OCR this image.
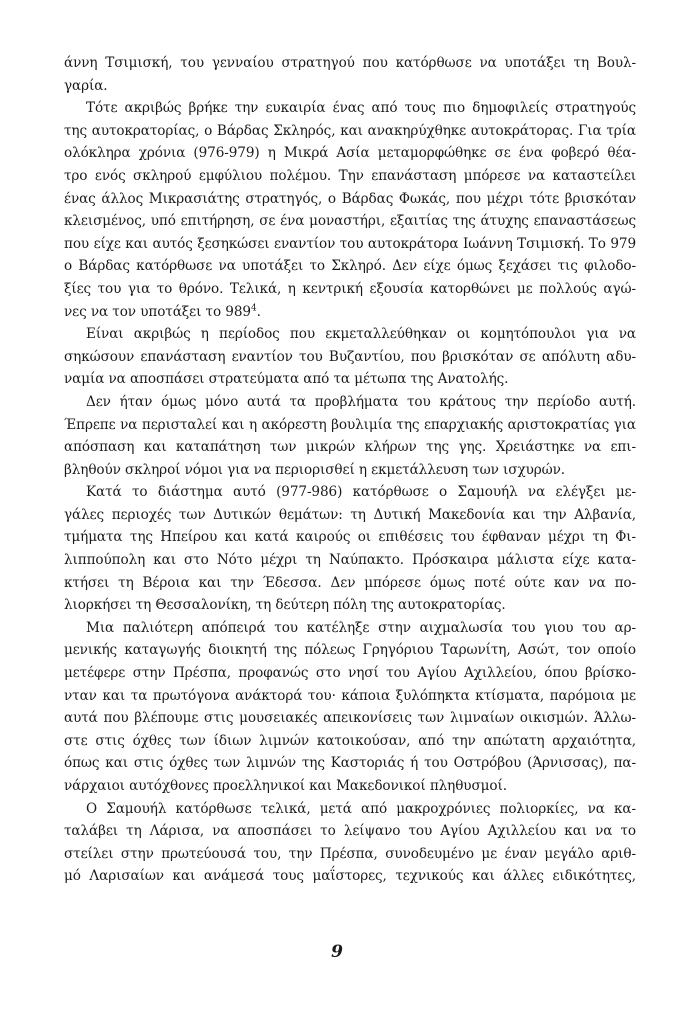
άννη Τσιμισκή, του γενναίου στρατηγού που κατόρθωσε να υποτάξει τη Βουλ-
γαρία.
Τότε ακριβώς βρήκε την ευκαιρία ένας από τους πιο δημοφιλείς στρατηγούς
της αυτοκρατορίας, ο Βάρδας Σκληρός, και ανακηρύχθηκε αυτοκράτορας. Για τρία
ολόκληρα χρόνια (976-979) η Μικρά Ασία μεταμορφώθηκε σε ένα φοβερό θέα-
τρο ενός σκληρού εμφύλιου πολέμου. Την επανάσταση μπόρεσε να καταστείλει
ένας άλλος Μικρασιάτης στρατηγός, ο Βάρδας Φωκάς, που μέχρι τότε βρισκόταν
κλεισμένος, υπό επιτήρηση, σε ένα μοναστήρι, εξαιτίας της άτυχης επαναστάσεως
που είχε και αυτός ξεσηκώσει εναντίον του αυτοκράτορα Ιωάννη Τσιμισκή. Το 979
ο Βάρδας κατόρθωσε να υποτάξει το Σκληρό. Δεν είχε όμως ξεχάσει τις φιλοδο-
ξίες του για το θρόνο. Τελικά, η κεντρική εξουσία κατορθώνει με πολλούς αγώ-
νες να τον υποτάξει το $989^4$.
Είναι ακριβώς η περίοδος που εκμεταλλεύθηκαν οι κομητόπουλοι για να
σηκώσουν επανάσταση εναντίον του Βυζαντίου, που βρισκόταν σε απόλυτη αδυ-
ναμία να αποσπάσει στρατεύματα από τα μέτωπα της Ανατολής.
Δεν ήταν όμως μόνο αυτά τα προβλήματα του κράτους την περίοδο αυτή.
Έπρεπε να περισταλεί και η ακόρεστη βουλιμία της επαρχιακής αριστοκρατίας για
απόσπαση και καταπάτηση των μικρών κλήρων της γης. Χρειάστηκε να επι-
βληθούν σκληροί νόμοι για να περιορισθεί η εκμετάλλευση των ισχυρών.
Κατά το διάστημα αυτό (977-986) κατόρθωσε ο Σαμουήλ να ελέγξει με-
γάλες περιοχές των Δυτικών θεμάτων: τη Δυτική Μακεδονία και την Αλβανία,
τμήματα της Ηπείρου και κατά καιρούς οι επιθέσεις του έφθαναν μέχρι τη Φι-
λιππούπολη και στο Νότο μέχρι τη Ναύπακτο. Πρόσκαιρα μάλιστα είχε κατα-
κτήσει τη Βέροια και την Έδεσσα. Δεν μπόρεσε όμως ποτέ ούτε καν να πο-
λιορκήσει τη Θεσσαλονίκη, τη δεύτερη πόλη της αυτοκρατορίας.
Μια παλιότερη απόπειρά του κατέληξε στην αιχμαλωσία του γιου του αρ-
μενικής καταγωγής διοικητή της πόλεως Γρηγόριου Ταρωνίτη, Ασώτ, τον οποίο
μετέφερε στην Πρέσπα, προφανώς στο νησί του Αγίου Αχιλλείου, όπου βρίσκο-
νταν και τα πρωτόγονα ανάκτορά του· κάποια ξυλόπηκτα κτίσματα, παρόμοια με
αυτά που βλέπουμε στις μουσειακές απεικονίσεις των λιμναίων οικισμών. Άλλω-
στε στις όχθες των ίδιων λιμνών κατοικούσαν, από την απώτατη αρχαιότητα,
όπως και στις όχθες των λιμνών της Καστοριάς ή του Οστρόβου (Άρνισσας), πα-
νάρχαιοι αυτόχθονες προελληνικοί και Μακεδονικοί πληθυσμοί.
Ο Σαμουήλ κατόρθωσε τελικά, μετά από μακροχρόνιες πολιορκίες, να κα-
ταλάβει τη Λάρισα, να αποσπάσει το λείψανο του Αγίου Αχιλλείου και να το
στείλει στην πρωτεύουσά του, την Πρέσπα, συνοδευμένο με έναν μεγάλο αριθ-
μό Λαρισαίων και ανάμεσά τους μαΐστορες, τεχνικούς και άλλες ειδικότητες,
9
